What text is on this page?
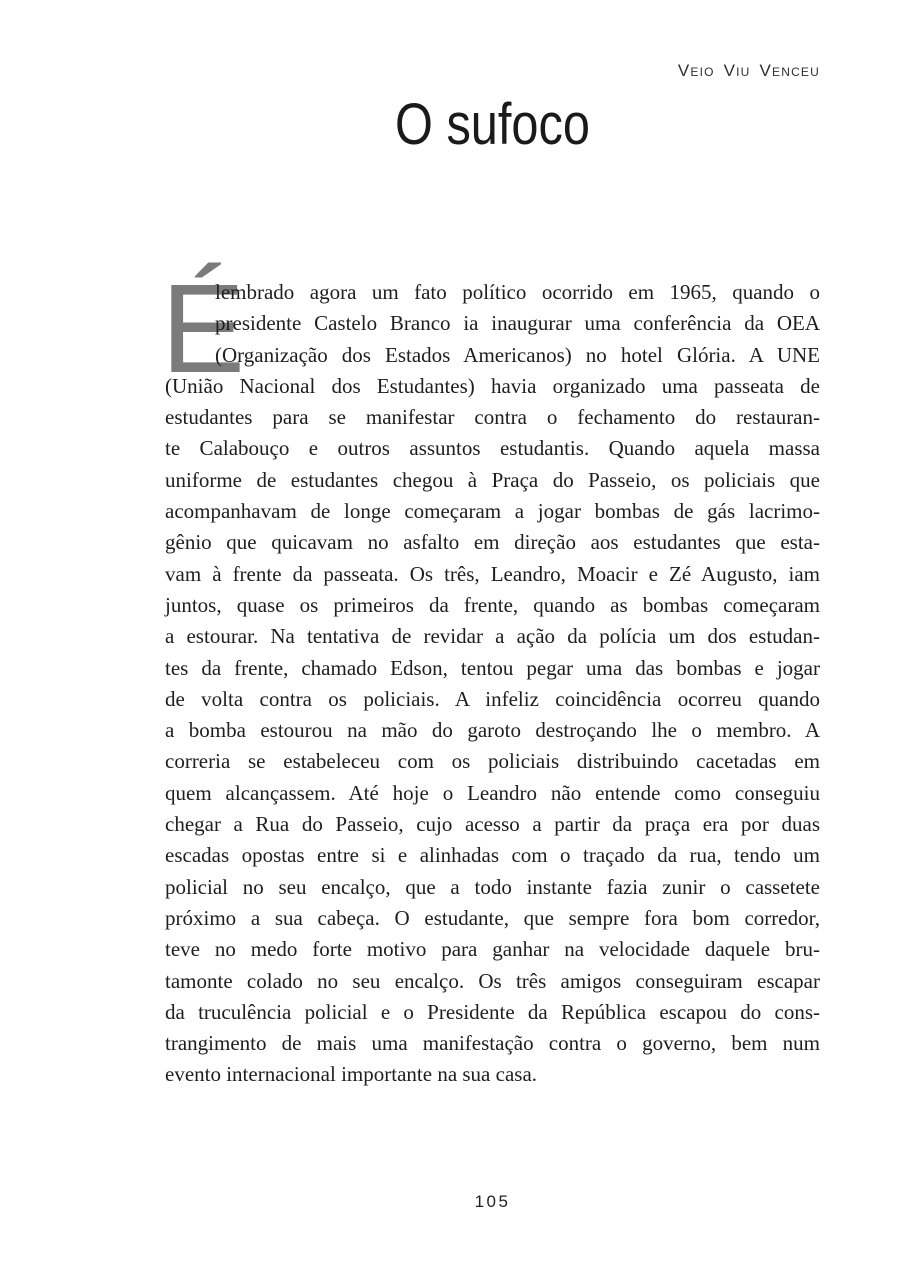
Veio Viu Venceu
O sufoco
É
lembrado agora um fato político ocorrido em 1965, quando o
presidente Castelo Branco ia inaugurar uma conferência da OEA
(Organização dos Estados Americanos) no hotel Glória. A UNE
(União Nacional dos Estudantes) havia organizado uma passeata de
estudantes para se manifestar contra o fechamento do restauran-
te Calabouço e outros assuntos estudantis. Quando aquela massa
uniforme de estudantes chegou à Praça do Passeio, os policiais que
acompanhavam de longe começaram a jogar bombas de gás lacrimo-
gênio que quicavam no asfalto em direção aos estudantes que esta-
vam à frente da passeata. Os três, Leandro, Moacir e Zé Augusto, iam
juntos, quase os primeiros da frente, quando as bombas começaram
a estourar. Na tentativa de revidar a ação da polícia um dos estudan-
tes da frente, chamado Edson, tentou pegar uma das bombas e jogar
de volta contra os policiais. A infeliz coincidência ocorreu quando
a bomba estourou na mão do garoto destroçando lhe o membro. A
correria se estabeleceu com os policiais distribuindo cacetadas em
quem alcançassem. Até hoje o Leandro não entende como conseguiu
chegar a Rua do Passeio, cujo acesso a partir da praça era por duas
escadas opostas entre si e alinhadas com o traçado da rua, tendo um
policial no seu encalço, que a todo instante fazia zunir o cassetete
próximo a sua cabeça. O estudante, que sempre fora bom corredor,
teve no medo forte motivo para ganhar na velocidade daquele bru-
tamonte colado no seu encalço. Os três amigos conseguiram escapar
da truculência policial e o Presidente da República escapou do cons-
trangimento de mais uma manifestação contra o governo, bem num
evento internacional importante na sua casa.
105
